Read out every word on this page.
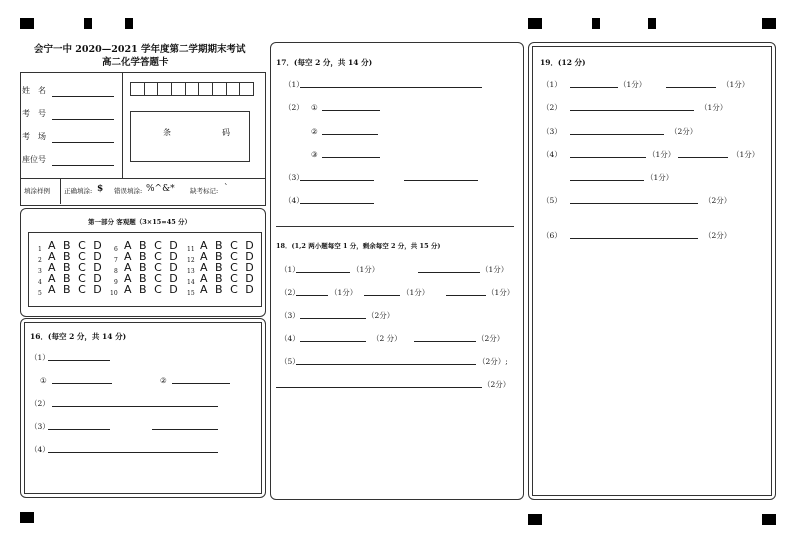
会宁一中 2020—2021 学年度第二学期期末考试
高二化学答题卡
姓　名
考　号
考　场
座位号
条	码
填涂样例 正确填涂: $ 错误填涂: %^&* 缺考标记: `
第一部分 客观题（3×15=45 分）
1 A B C D
2 A B C D
3 A B C D
4 A B C D
5 A B C D
6 A B C D
7 A B C D
8 A B C D
9 A B C D
10 A B C D
11 A B C D
12 A B C D
13 A B C D
14 A B C D
15 A B C D
16．(每空 2 分，共 14 分)
（1）
①	②
（2）
（3）
（4）
17．(每空 2 分，共 14 分)
（1）
（2） ①
②
③
（3）
（4）
18．(1,2 两小题每空 1 分，剩余每空 2 分，共 15 分)
（1）	（1分）	（1分）
（2）	（1分）	（1分）	（1分）
（3）	（2分）
（4）	（2 分）	（2分）
（5）	（2分）;
（2分）
19．(12 分)
（1）	（1分）	（1分）
（2）	（1分）
（3）	（2分）
（4）	（1分）	（1分）
（1分）
（5）	（2分）
（6）	（2分）
